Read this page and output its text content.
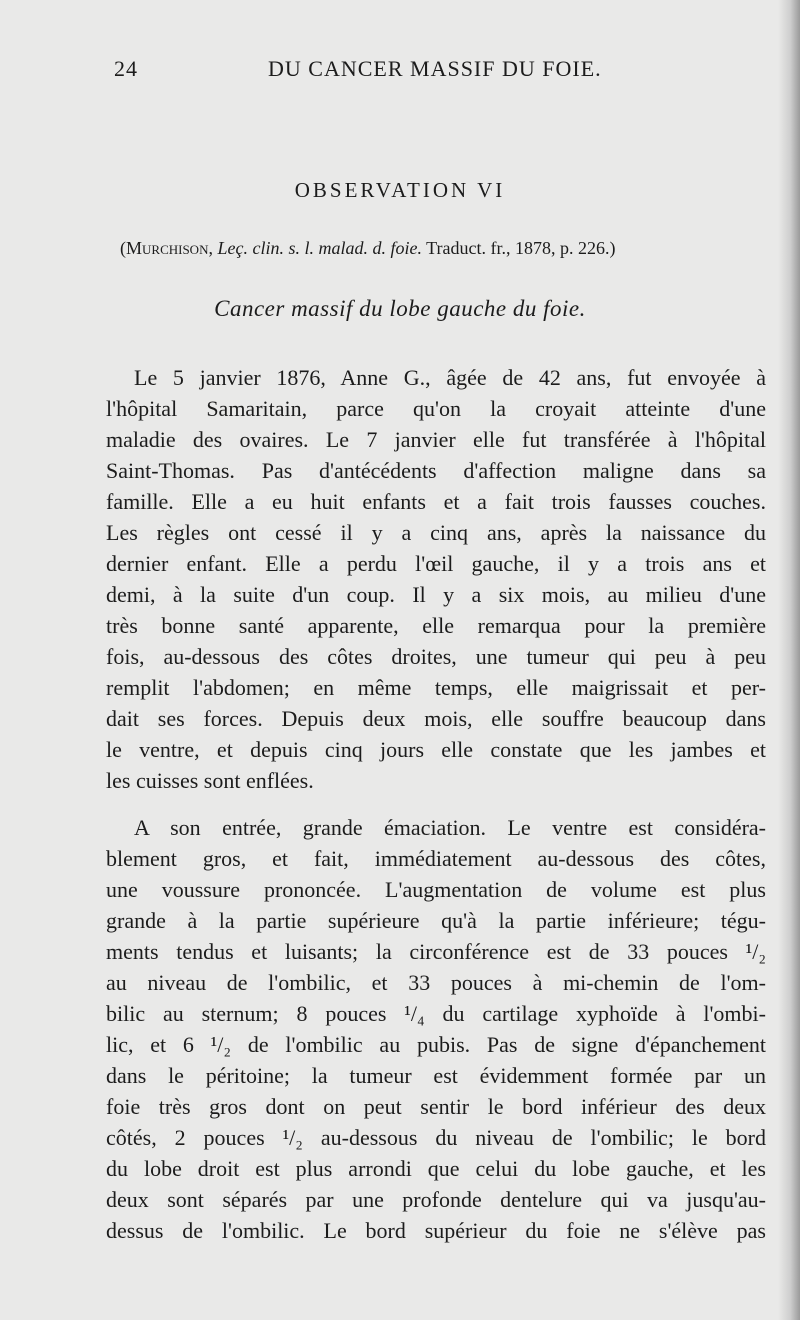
24	DU CANCER MASSIF DU FOIE.
OBSERVATION VI
(Murchison, Leç. clin. s. l. malad. d. foie. Traduct. fr., 1878, p. 226.)
Cancer massif du lobe gauche du foie.
Le 5 janvier 1876, Anne G., âgée de 42 ans, fut envoyée à
l'hôpital Samaritain, parce qu'on la croyait atteinte d'une
maladie des ovaires. Le 7 janvier elle fut transférée à l'hôpital
Saint-Thomas. Pas d'antécédents d'affection maligne dans sa
famille. Elle a eu huit enfants et a fait trois fausses couches.
Les règles ont cessé il y a cinq ans, après la naissance du
dernier enfant. Elle a perdu l'œil gauche, il y a trois ans et
demi, à la suite d'un coup. Il y a six mois, au milieu d'une
très bonne santé apparente, elle remarqua pour la première
fois, au-dessous des côtes droites, une tumeur qui peu à peu
remplit l'abdomen; en même temps, elle maigrissait et per-
dait ses forces. Depuis deux mois, elle souffre beaucoup dans
le ventre, et depuis cinq jours elle constate que les jambes et
les cuisses sont enflées.
A son entrée, grande émaciation. Le ventre est considéra-
blement gros, et fait, immédiatement au-dessous des côtes,
une voussure prononcée. L'augmentation de volume est plus
grande à la partie supérieure qu'à la partie inférieure; tégu-
ments tendus et luisants; la circonférence est de 33 pouces ¹/₂
au niveau de l'ombilic, et 33 pouces à mi-chemin de l'om-
bilic au sternum; 8 pouces ¹/₄ du cartilage xyphoïde à l'ombi-
lic, et 6 ¹/₂ de l'ombilic au pubis. Pas de signe d'épanchement
dans le péritoine; la tumeur est évidemment formée par un
foie très gros dont on peut sentir le bord inférieur des deux
côtés, 2 pouces ¹/₂ au-dessous du niveau de l'ombilic; le bord
du lobe droit est plus arrondi que celui du lobe gauche, et les
deux sont séparés par une profonde dentelure qui va jusqu'au-
dessus de l'ombilic. Le bord supérieur du foie ne s'élève pas
